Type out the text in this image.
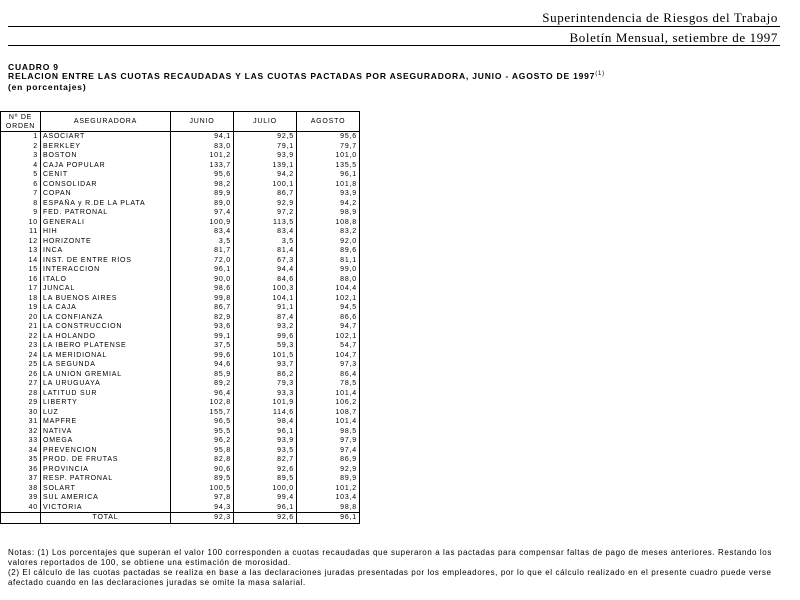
Superintendencia de Riesgos del Trabajo
Boletín Mensual, setiembre de 1997
CUADRO 9
RELACION ENTRE LAS CUOTAS RECAUDADAS Y LAS CUOTAS PACTADAS POR ASEGURADORA, JUNIO - AGOSTO DE 1997$^{(1)}$
(en porcentajes)
Nº DE
ORDEN	ASEGURADORA	JUNIO	JULIO	AGOSTO
1	ASOCIART	94,1	92,5	95,6
2	BERKLEY	83,0	79,1	79,7
3	BOSTON	101,2	93,9	101,0
4	CAJA POPULAR	133,7	139,1	135,5
5	CENIT	95,6	94,2	96,1
6	CONSOLIDAR	98,2	100,1	101,8
7	COPAN	89,9	86,7	93,9
8	ESPAÑA y R.DE LA PLATA	89,0	92,9	94,2
9	FED. PATRONAL	97,4	97,2	98,9
10	GENERALI	100,9	113,5	108,8
11	HIH	83,4	83,4	83,2
12	HORIZONTE	3,5	3,5	92,0
13	INCA	81,7	81,4	89,6
14	INST. DE ENTRE RÍOS	72,0	67,3	81,1
15	INTERACCION	96,1	94,4	99,0
16	ITALO	90,0	84,6	88,0
17	JUNCAL	98,6	100,3	104,4
18	LA BUENOS AIRES	99,8	104,1	102,1
19	LA CAJA	86,7	91,1	94,5
20	LA CONFIANZA	82,9	87,4	86,6
21	LA CONSTRUCCION	93,6	93,2	94,7
22	LA HOLANDO	99,1	99,6	102,1
23	LA IBERO PLATENSE	37,5	59,3	54,7
24	LA MERIDIONAL	99,6	101,5	104,7
25	LA SEGUNDA	94,6	93,7	97,3
26	LA UNION GREMIAL	85,9	86,2	86,4
27	LA URUGUAYA	89,2	79,3	78,5
28	LATITUD SUR	96,4	93,3	101,4
29	LIBERTY	102,8	101,9	106,2
30	LUZ	155,7	114,6	108,7
31	MAPFRE	96,5	98,4	101,4
32	NATIVA	95,5	96,1	98,5
33	OMEGA	96,2	93,9	97,9
34	PREVENCION	95,8	93,5	97,4
35	PROD. DE FRUTAS	82,8	82,7	86,9
36	PROVINCIA	90,6	92,6	92,9
37	RESP. PATRONAL	89,5	89,5	89,9
38	SOLART	100,5	100,0	101,2
39	SUL AMERICA	97,8	99,4	103,4
40	VICTORIA	94,3	96,1	98,8
	TOTAL	92,3	92,6	96,1

Notas: (1) Los porcentajes que superan el valor 100 corresponden a cuotas recaudadas que superaron a las pactadas para compensar faltas de pago de meses anteriores. Restando los valores reportados de 100, se obtiene una estimación de morosidad.

(2) El cálculo de las cuotas pactadas se realiza en base a las declaraciones juradas presentadas por los empleadores, por lo que el cálculo realizado en el presente cuadro puede verse afectado cuando en las declaraciones juradas se omite la masa salarial.
